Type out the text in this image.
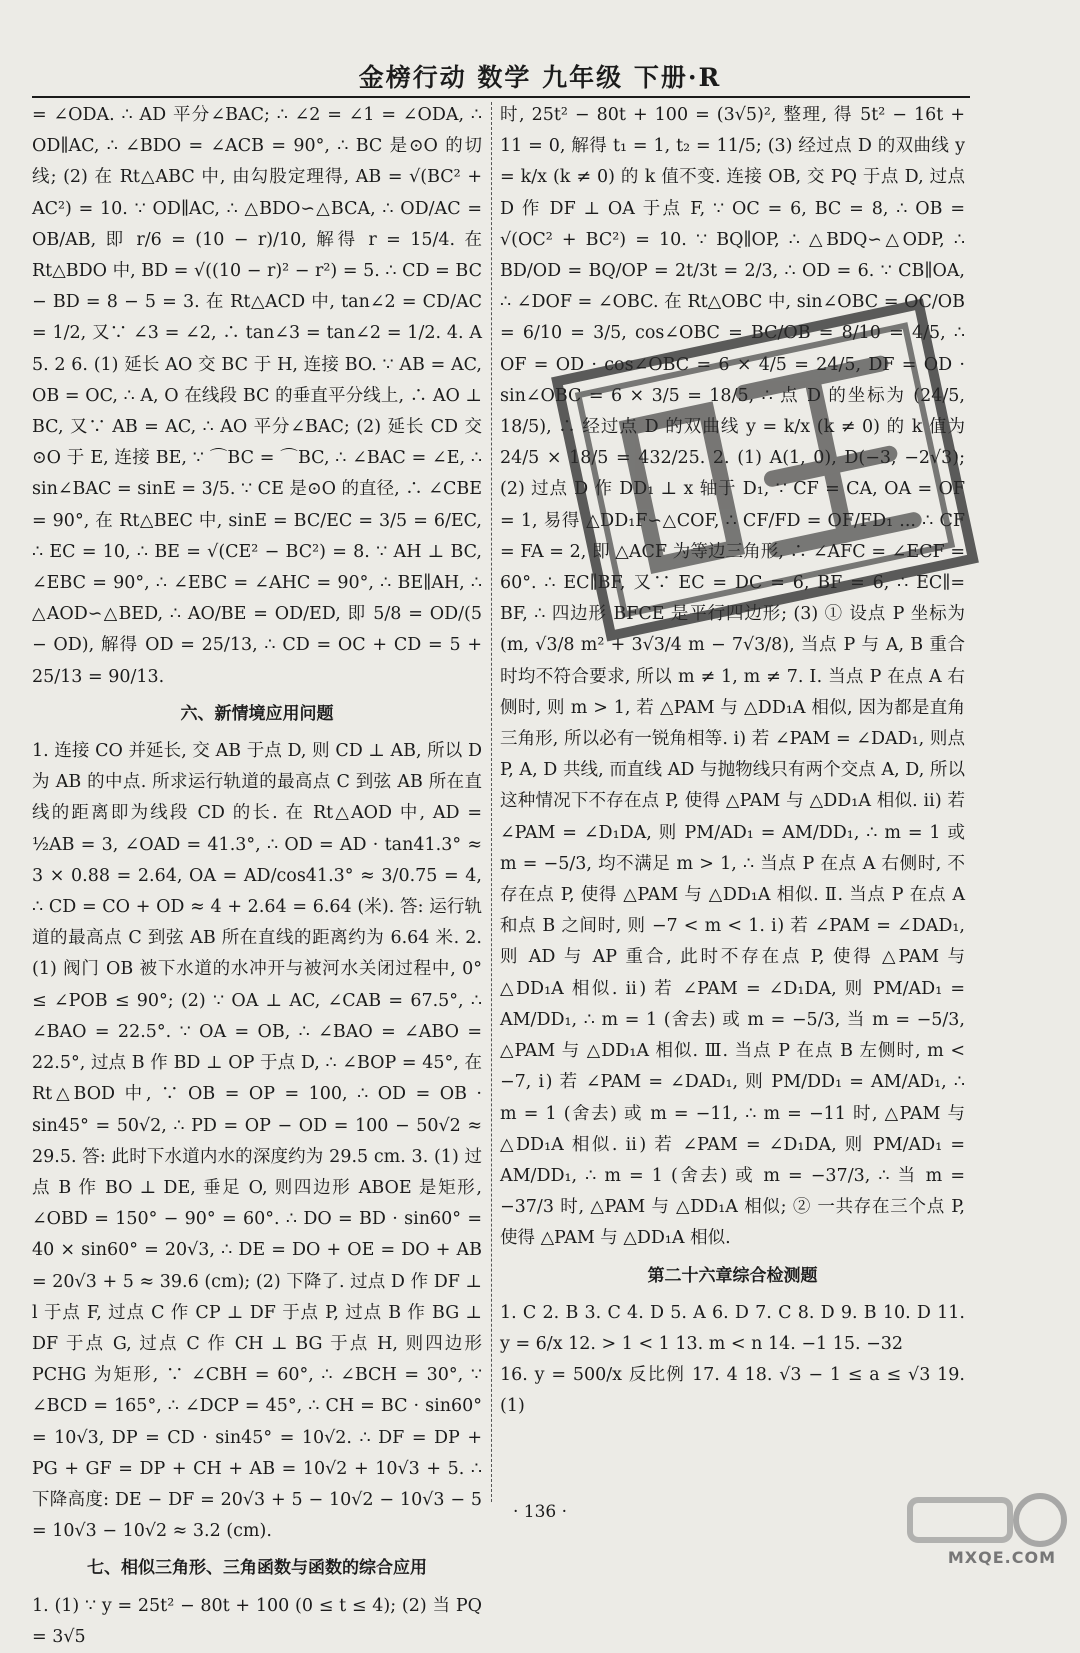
金榜行动 数学 九年级 下册·R

= ∠ODA. ∴ AD 平分∠BAC; ∴ ∠2 = ∠1 = ∠ODA, ∴ OD∥AC, ∴ ∠BDO = ∠ACB = 90°, ∴ BC 是⊙O 的切线; (2) 在 Rt△ABC 中, 由勾股定理得, AB = √(BC² + AC²) = 10. ∵ OD∥AC, ∴ △BDO∽△BCA, ∴ OD/AC = OB/AB, 即 r/6 = (10 − r)/10, 解得 r = 15/4. 在 Rt△BDO 中, BD = √((10 − r)² − r²) = 5. ∴ CD = BC − BD = 8 − 5 = 3. 在 Rt△ACD 中, tan∠2 = CD/AC = 1/2, 又∵ ∠3 = ∠2, ∴ tan∠3 = tan∠2 = 1/2. 4. A 5. 2 6. (1) 延长 AO 交 BC 于 H, 连接 BO. ∵ AB = AC, OB = OC, ∴ A, O 在线段 BC 的垂直平分线上, ∴ AO ⊥ BC, 又∵ AB = AC, ∴ AO 平分∠BAC; (2) 延长 CD 交⊙O 于 E, 连接 BE, ∵ ⌒BC = ⌒BC, ∴ ∠BAC = ∠E, ∴ sin∠BAC = sinE = 3/5. ∵ CE 是⊙O 的直径, ∴ ∠CBE = 90°, 在 Rt△BEC 中, sinE = BC/EC = 3/5 = 6/EC, ∴ EC = 10, ∴ BE = √(CE² − BC²) = 8. ∵ AH ⊥ BC, ∠EBC = 90°, ∴ ∠EBC = ∠AHC = 90°, ∴ BE∥AH, ∴ △AOD∽△BED, ∴ AO/BE = OD/ED, 即 5/8 = OD/(5 − OD), 解得 OD = 25/13, ∴ CD = OC + CD = 5 + 25/13 = 90/13.

六、新情境应用问题

1. 连接 CO 并延长, 交 AB 于点 D, 则 CD ⊥ AB, 所以 D 为 AB 的中点. 所求运行轨道的最高点 C 到弦 AB 所在直线的距离即为线段 CD 的长. 在 Rt△AOD 中, AD = ½AB = 3, ∠OAD = 41.3°, ∴ OD = AD · tan41.3° ≈ 3 × 0.88 = 2.64, OA = AD/cos41.3° ≈ 3/0.75 = 4, ∴ CD = CO + OD ≈ 4 + 2.64 = 6.64 (米). 答: 运行轨道的最高点 C 到弦 AB 所在直线的距离约为 6.64 米. 2. (1) 阀门 OB 被下水道的水冲开与被河水关闭过程中, 0° ≤ ∠POB ≤ 90°; (2) ∵ OA ⊥ AC, ∠CAB = 67.5°, ∴ ∠BAO = 22.5°. ∵ OA = OB, ∴ ∠BAO = ∠ABO = 22.5°, 过点 B 作 BD ⊥ OP 于点 D, ∴ ∠BOP = 45°, 在 Rt△BOD 中, ∵ OB = OP = 100, ∴ OD = OB · sin45° = 50√2, ∴ PD = OP − OD = 100 − 50√2 ≈ 29.5. 答: 此时下水道内水的深度约为 29.5 cm. 3. (1) 过点 B 作 BO ⊥ DE, 垂足 O, 则四边形 ABOE 是矩形, ∠OBD = 150° − 90° = 60°. ∴ DO = BD · sin60° = 40 × sin60° = 20√3, ∴ DE = DO + OE = DO + AB = 20√3 + 5 ≈ 39.6 (cm); (2) 下降了. 过点 D 作 DF ⊥ l 于点 F, 过点 C 作 CP ⊥ DF 于点 P, 过点 B 作 BG ⊥ DF 于点 G, 过点 C 作 CH ⊥ BG 于点 H, 则四边形 PCHG 为矩形, ∵ ∠CBH = 60°, ∴ ∠BCH = 30°, ∵ ∠BCD = 165°, ∴ ∠DCP = 45°, ∴ CH = BC · sin60° = 10√3, DP = CD · sin45° = 10√2. ∴ DF = DP + PG + GF = DP + CH + AB = 10√2 + 10√3 + 5. ∴ 下降高度: DE − DF = 20√3 + 5 − 10√2 − 10√3 − 5 = 10√3 − 10√2 ≈ 3.2 (cm).

七、相似三角形、三角函数与函数的综合应用

1. (1) ∵ y = 25t² − 80t + 100 (0 ≤ t ≤ 4); (2) 当 PQ = 3√5

时, 25t² − 80t + 100 = (3√5)², 整理, 得 5t² − 16t + 11 = 0, 解得 t₁ = 1, t₂ = 11/5; (3) 经过点 D 的双曲线 y = k/x (k ≠ 0) 的 k 值不变. 连接 OB, 交 PQ 于点 D, 过点 D 作 DF ⊥ OA 于点 F, ∵ OC = 6, BC = 8, ∴ OB = √(OC² + BC²) = 10. ∵ BQ∥OP, ∴ △BDQ∽△ODP, ∴ BD/OD = BQ/OP = 2t/3t = 2/3, ∴ OD = 6. ∵ CB∥OA, ∴ ∠DOF = ∠OBC. 在 Rt△OBC 中, sin∠OBC = OC/OB = 6/10 = 3/5, cos∠OBC = BC/OB = 8/10 = 4/5, ∴ OF = OD · cos∠OBC = 6 × 4/5 = 24/5, DF = OD · sin∠OBC = 6 × 3/5 = 18/5, ∴ 点 D 的坐标为 (24/5, 18/5), ∴ 经过点 D 的双曲线 y = k/x (k ≠ 0) 的 k 值为 24/5 × 18/5 = 432/25. 2. (1) A(1, 0), D(−3, −2√3); (2) 过点 D 作 DD₁ ⊥ x 轴于 D₁, ∵ CF = CA, OA = OF = 1, 易得 △DD₁F∽△COF, ∴ CF/FD = OF/FD₁ ... ∴ CF = FA = 2, 即 △ACF 为等边三角形, ∴ ∠AFC = ∠ECF = 60°. ∴ EC∥BF, 又∵ EC = DC = 6, BF = 6, ∴ EC∥= BF, ∴ 四边形 BFCE 是平行四边形; (3) ① 设点 P 坐标为 (m, √3/8 m² + 3√3/4 m − 7√3/8), 当点 P 与 A, B 重合时均不符合要求, 所以 m ≠ 1, m ≠ 7. Ⅰ. 当点 P 在点 A 右侧时, 则 m > 1, 若 △PAM 与 △DD₁A 相似, 因为都是直角三角形, 所以必有一锐角相等. ⅰ) 若 ∠PAM = ∠DAD₁, 则点 P, A, D 共线, 而直线 AD 与抛物线只有两个交点 A, D, 所以这种情况下不存在点 P, 使得 △PAM 与 △DD₁A 相似. ⅱ) 若 ∠PAM = ∠D₁DA, 则 PM/AD₁ = AM/DD₁, ∴ m = 1 或 m = −5/3, 均不满足 m > 1, ∴ 当点 P 在点 A 右侧时, 不存在点 P, 使得 △PAM 与 △DD₁A 相似. Ⅱ. 当点 P 在点 A 和点 B 之间时, 则 −7 < m < 1. ⅰ) 若 ∠PAM = ∠DAD₁, 则 AD 与 AP 重合, 此时不存在点 P, 使得 △PAM 与 △DD₁A 相似. ⅱ) 若 ∠PAM = ∠D₁DA, 则 PM/AD₁ = AM/DD₁, ∴ m = 1 (舍去) 或 m = −5/3, 当 m = −5/3, △PAM 与 △DD₁A 相似. Ⅲ. 当点 P 在点 B 左侧时, m < −7, ⅰ) 若 ∠PAM = ∠DAD₁, 则 PM/DD₁ = AM/AD₁, ∴ m = 1 (舍去) 或 m = −11, ∴ m = −11 时, △PAM 与 △DD₁A 相似. ⅱ) 若 ∠PAM = ∠D₁DA, 则 PM/AD₁ = AM/DD₁, ∴ m = 1 (舍去) 或 m = −37/3, ∴ 当 m = −37/3 时, △PAM 与 △DD₁A 相似; ② 一共存在三个点 P, 使得 △PAM 与 △DD₁A 相似.

第二十六章综合检测题

1. C 2. B 3. C 4. D 5. A 6. D 7. C 8. D 9. B 10. D 11. y = 6/x 12. > 1 < 1 13. m < n 14. −1 15. −32

16. y = 500/x 反比例 17. 4 18. √3 − 1 ≤ a ≤ √3 19. (1)

· 136 ·
MXQE.COM
